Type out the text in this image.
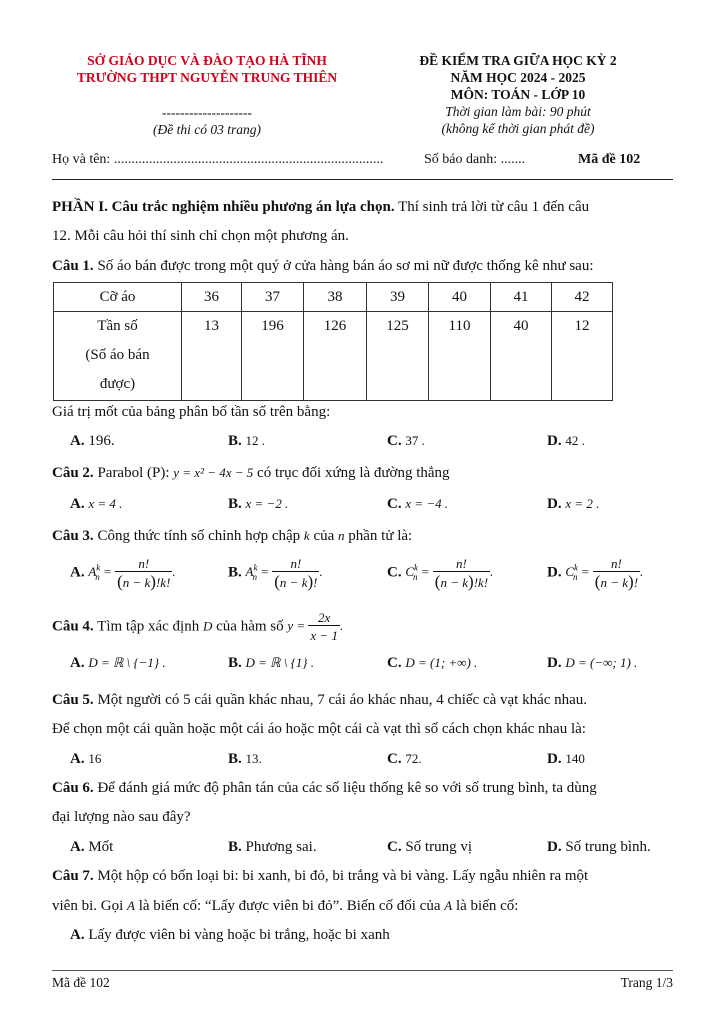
SỞ GIÁO DỤC VÀ ĐÀO TẠO HÀ TĨNH
TRƯỜNG THPT NGUYỄN TRUNG THIÊN
--------------------
(Đề thi có 03 trang)
ĐỀ KIỂM TRA GIỮA HỌC KỲ 2
NĂM HỌC 2024 - 2025
MÔN: TOÁN - LỚP 10
Thời gian làm bài: 90 phút
(không kể thời gian phát đề)
Họ và tên: .............................................................................	Số báo danh: .......	Mã đề 102
PHẦN I. Câu trắc nghiệm nhiều phương án lựa chọn. Thí sinh trả lời từ câu 1 đến câu
12. Mỗi câu hỏi thí sinh chỉ chọn một phương án.
Câu 1. Số áo bán được trong một quý ở cửa hàng bán áo sơ mi nữ được thống kê như sau:
Cỡ áo	36	37	38	39	40	41	42

Tần số
(Số áo bán
được)	13	196	126	125	110	40	12
Giá trị mốt của bảng phân bố tần số trên bằng:
A. 196.	B. 12 .	C. 37 .	D. 42 .
Câu 2. Parabol (P): y = x² − 4x − 5 có trục đối xứng là đường thẳng
A. x = 4 .	B. x = −2 .	C. x = −4 .	D. x = 2 .
Câu 3. Công thức tính số chỉnh hợp chập k của n phần tử là:
A. $A^k_n = \frac{n!}{(n - k)!k!}$ .	B. $A^k_n = \frac{n!}{(n - k)!}$ .	C. $C^k_n = \frac{n!}{(n - k)!k!}$ .	D. $C^k_n = \frac{n!}{(n - k)!}$ .
Câu 4. Tìm tập xác định D của hàm số $y = \frac{2x}{x - 1}$ .
A. D = ℝ \ {−1} .	B. D = ℝ \ {1} .	C. D = (1; +∞) .	D. D = (−∞; 1) .
Câu 5. Một người có 5 cái quần khác nhau, 7 cái áo khác nhau, 4 chiếc cà vạt khác nhau.
Để chọn một cái quần hoặc một cái áo hoặc một cái cà vạt thì số cách chọn khác nhau là:
A. 16	B. 13.	C. 72.	D. 140
Câu 6. Để đánh giá mức độ phân tán của các số liệu thống kê so với số trung bình, ta dùng
đại lượng nào sau đây?
A. Mốt	B. Phương sai.	C. Số trung vị	D. Số trung bình.
Câu 7. Một hộp có bốn loại bi: bi xanh, bi đỏ, bi trắng và bi vàng. Lấy ngẫu nhiên ra một
viên bi. Gọi A là biến cố: “Lấy được viên bi đỏ”. Biến cố đối của A là biến cố:
A. Lấy được viên bi vàng hoặc bi trắng, hoặc bi xanh
Mã đề 102	Trang 1/3
